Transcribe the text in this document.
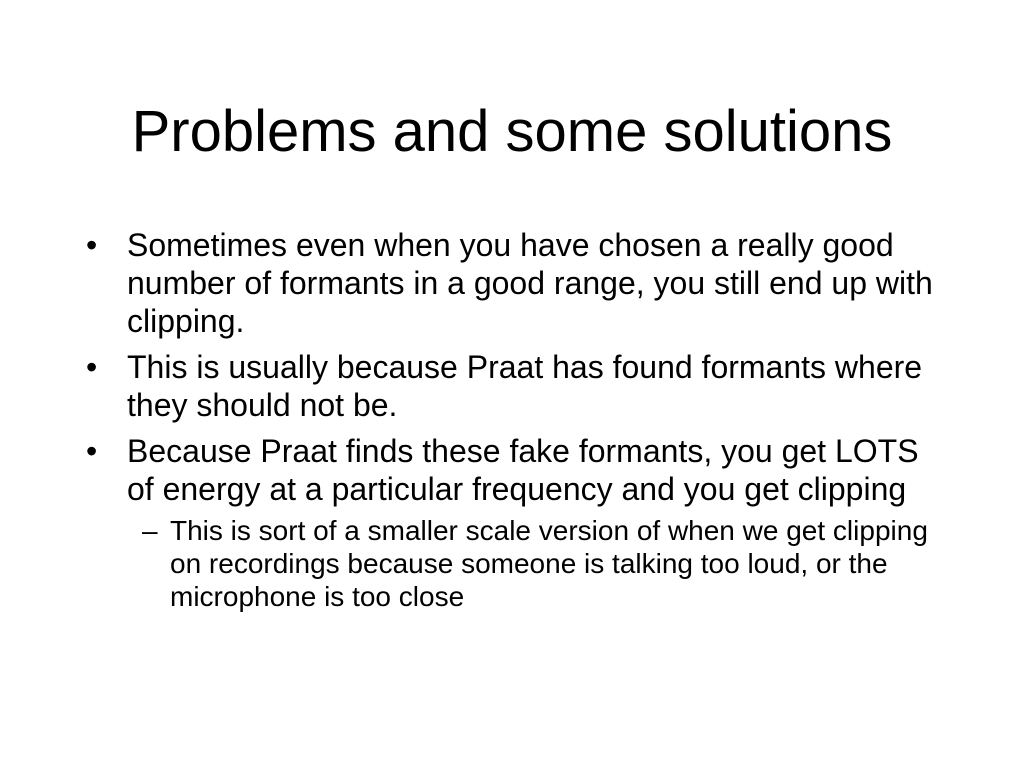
Problems and some solutions
• Sometimes even when you have chosen a really good number of formants in a good range, you still end up with clipping.
• This is usually because Praat has found formants where they should not be.
• Because Praat finds these fake formants, you get LOTS of energy at a particular frequency and you get clipping
– This is sort of a smaller scale version of when we get clipping on recordings because someone is talking too loud, or the microphone is too close
